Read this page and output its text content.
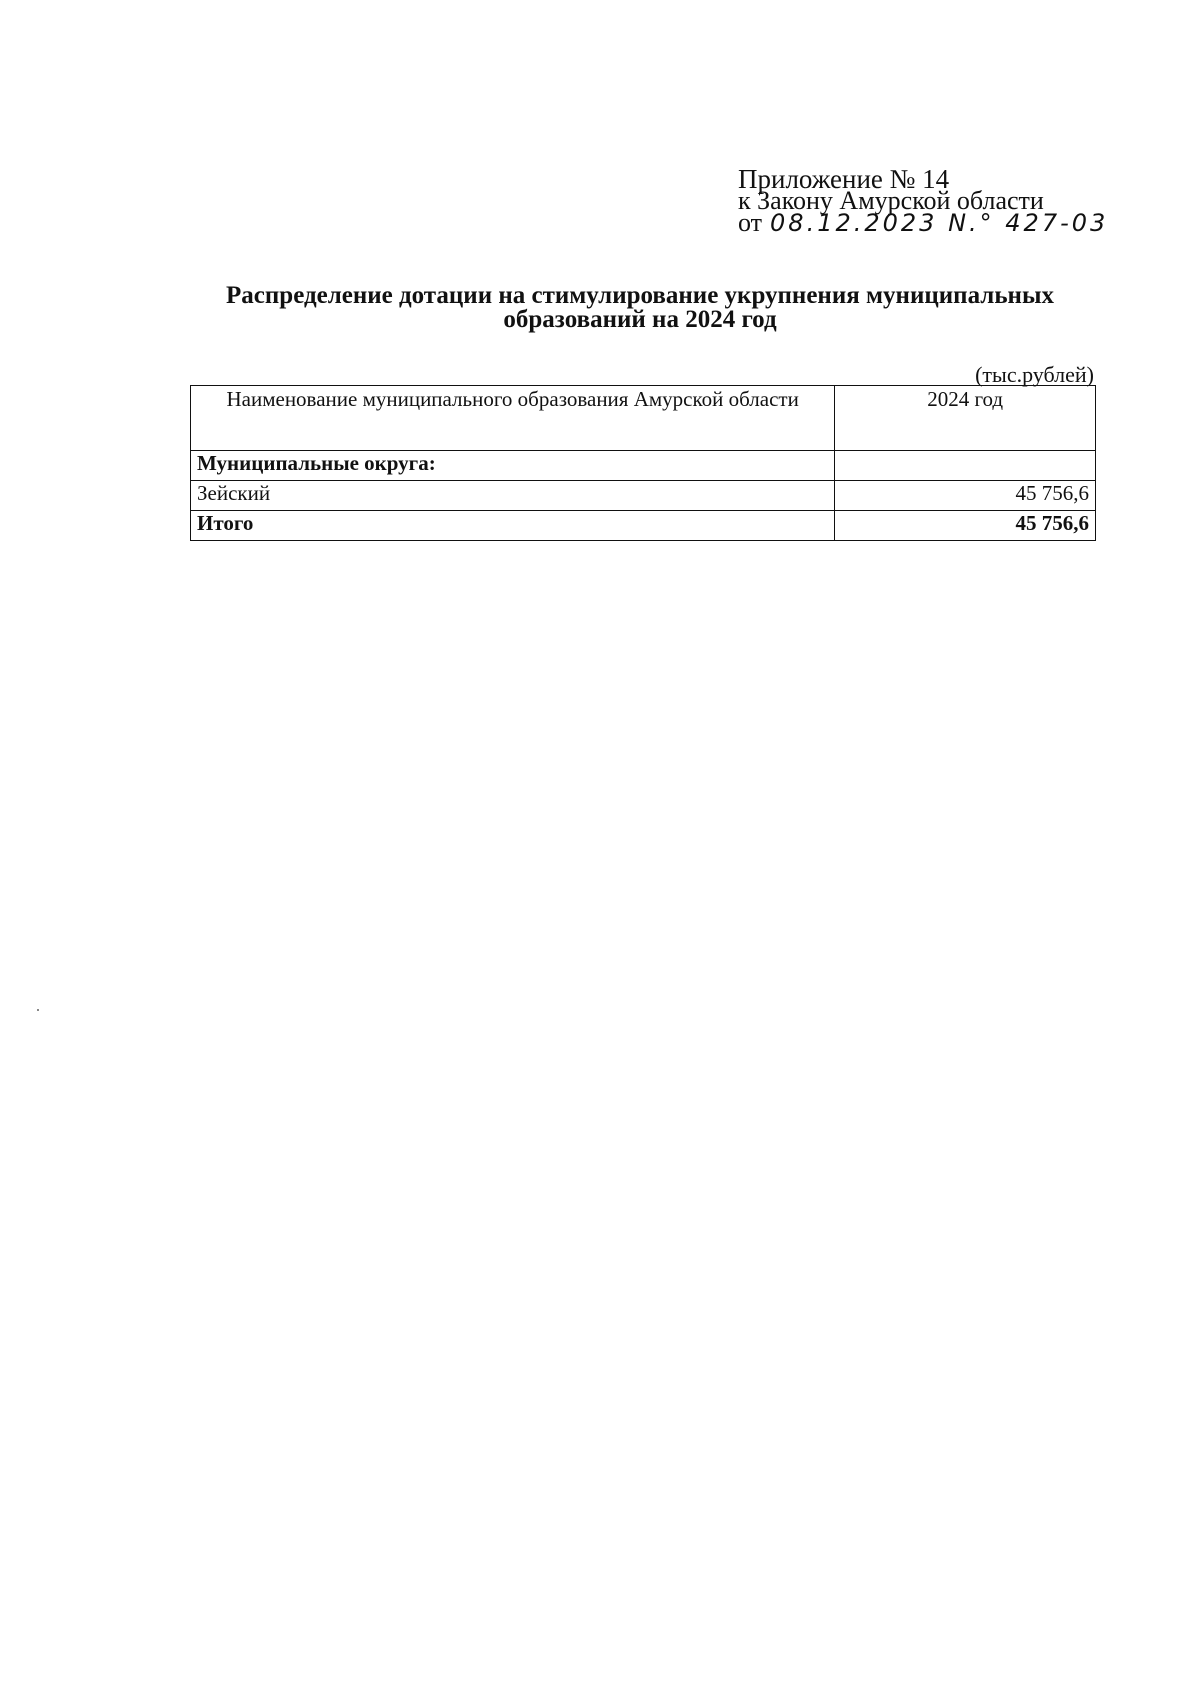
Приложение № 14
к Закону Амурской области
от 08.12.2023 N.° 427-03
Распределение дотации на стимулирование укрупнения муниципальных
образований на 2024 год
(тыс.рублей)
Наименование муниципального образования Амурской области	2024 год
Муниципальные округа:	
Зейский	45 756,6
Итого	45 756,6
